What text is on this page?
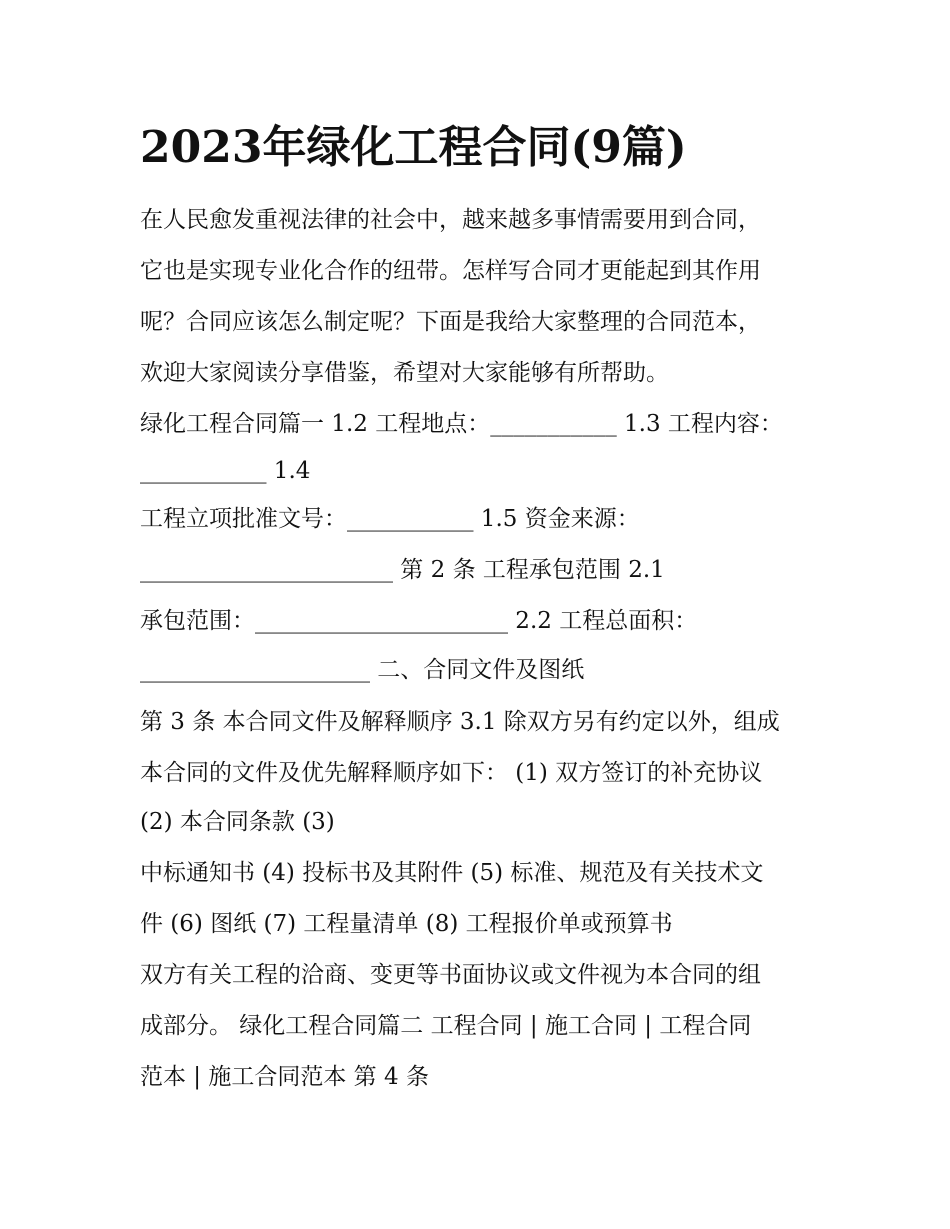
2023年绿化工程合同(9篇)

在人民愈发重视法律的社会中，越来越多事情需要用到合同，

它也是实现专业化合作的纽带。怎样写合同才更能起到其作用

呢？合同应该怎么制定呢？下面是我给大家整理的合同范本，

欢迎大家阅读分享借鉴，希望对大家能够有所帮助。

绿化工程合同篇一 1.2 工程地点：___________ 1.3 工程内容：

___________ 1.4

工程立项批准文号：___________ 1.5 资金来源：

______________________ 第 2 条 工程承包范围 2.1

承包范围：______________________ 2.2 工程总面积：

____________________ 二、合同文件及图纸

第 3 条 本合同文件及解释顺序 3.1 除双方另有约定以外，组成

本合同的文件及优先解释顺序如下： (1) 双方签订的补充协议

(2) 本合同条款 (3)

中标通知书 (4) 投标书及其附件 (5) 标准、规范及有关技术文

件 (6) 图纸 (7) 工程量清单 (8) 工程报价单或预算书

双方有关工程的洽商、变更等书面协议或文件视为本合同的组

成部分。 绿化工程合同篇二 工程合同 | 施工合同 | 工程合同

范本 | 施工合同范本 第 4 条
